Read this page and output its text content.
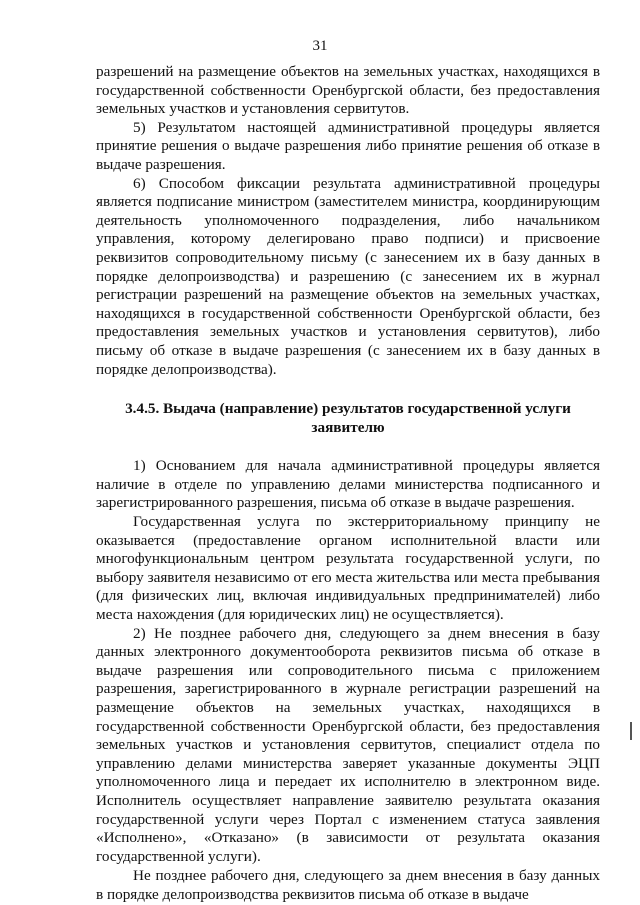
31

разрешений на размещение объектов на земельных участках, находящихся в государственной собственности Оренбургской области, без предоставления земельных участков и установления сервитутов.

5) Результатом настоящей административной процедуры является принятие решения о выдаче разрешения либо принятие решения об отказе в выдаче разрешения.

6) Способом фиксации результата административной процедуры является подписание министром (заместителем министра, координирующим деятельность уполномоченного подразделения, либо начальником управления, которому делегировано право подписи) и присвоение реквизитов сопроводительному письму (с занесением их в базу данных в порядке делопроизводства) и разрешению (с занесением их в журнал регистрации разрешений на размещение объектов на земельных участках, находящихся в государственной собственности Оренбургской области, без предоставления земельных участков и установления сервитутов), либо письму об отказе в выдаче разрешения (с занесением их в базу данных в порядке делопроизводства).

3.4.5. Выдача (направление) результатов государственной услуги заявителю

1) Основанием для начала административной процедуры является наличие в отделе по управлению делами министерства подписанного и зарегистрированного разрешения, письма об отказе в выдаче разрешения.

Государственная услуга по экстерриториальному принципу не оказывается (предоставление органом исполнительной власти или многофункциональным центром результата государственной услуги, по выбору заявителя независимо от его места жительства или места пребывания (для физических лиц, включая индивидуальных предпринимателей) либо места нахождения (для юридических лиц) не осуществляется).

2) Не позднее рабочего дня, следующего за днем внесения в базу данных электронного документооборота реквизитов письма об отказе в выдаче разрешения или сопроводительного письма с приложением разрешения, зарегистрированного в журнале регистрации разрешений на размещение объектов на земельных участках, находящихся в государственной собственности Оренбургской области, без предоставления земельных участков и установления сервитутов, специалист отдела по управлению делами министерства заверяет указанные документы ЭЦП уполномоченного лица и передает их исполнителю в электронном виде. Исполнитель осуществляет направление заявителю результата оказания государственной услуги через Портал с изменением статуса заявления «Исполнено», «Отказано» (в зависимости от результата оказания государственной услуги).

Не позднее рабочего дня, следующего за днем внесения в базу данных в порядке делопроизводства реквизитов письма об отказе в выдаче
